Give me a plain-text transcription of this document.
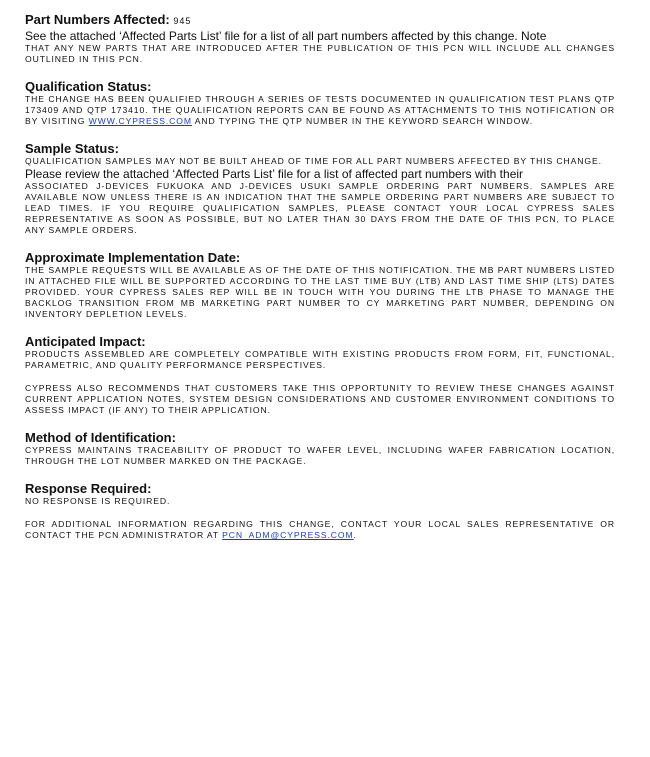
Part Numbers Affected: 945

See the attached ‘Affected Parts List’ file for a list of all part numbers affected by this change. Note

THAT ANY NEW PARTS THAT ARE INTRODUCED AFTER THE PUBLICATION OF THIS PCN WILL INCLUDE ALL CHANGES OUTLINED IN THIS PCN.

Qualification Status:

THE CHANGE HAS BEEN QUALIFIED THROUGH A SERIES OF TESTS DOCUMENTED IN QUALIFICATION TEST PLANS QTP 173409 AND QTP 173410. THE QUALIFICATION REPORTS CAN BE FOUND AS ATTACHMENTS TO THIS NOTIFICATION OR BY VISITING WWW.CYPRESS.COM AND TYPING THE QTP NUMBER IN THE KEYWORD SEARCH WINDOW.

Sample Status:

QUALIFICATION SAMPLES MAY NOT BE BUILT AHEAD OF TIME FOR ALL PART NUMBERS AFFECTED BY THIS CHANGE.

Please review the attached ‘Affected Parts List’ file for a list of affected part numbers with their

ASSOCIATED J-DEVICES FUKUOKA AND J-DEVICES USUKI SAMPLE ORDERING PART NUMBERS. SAMPLES ARE AVAILABLE NOW UNLESS THERE IS AN INDICATION THAT THE SAMPLE ORDERING PART NUMBERS ARE SUBJECT TO LEAD TIMES. IF YOU REQUIRE QUALIFICATION SAMPLES, PLEASE CONTACT YOUR LOCAL CYPRESS SALES REPRESENTATIVE AS SOON AS POSSIBLE, BUT NO LATER THAN 30 DAYS FROM THE DATE OF THIS PCN, TO PLACE ANY SAMPLE ORDERS.

Approximate Implementation Date:

THE SAMPLE REQUESTS WILL BE AVAILABLE AS OF THE DATE OF THIS NOTIFICATION. THE MB PART NUMBERS LISTED IN ATTACHED FILE WILL BE SUPPORTED ACCORDING TO THE LAST TIME BUY (LTB) AND LAST TIME SHIP (LTS) DATES PROVIDED. YOUR CYPRESS SALES REP WILL BE IN TOUCH WITH YOU DURING THE LTB PHASE TO MANAGE THE BACKLOG TRANSITION FROM MB MARKETING PART NUMBER TO CY MARKETING PART NUMBER, DEPENDING ON INVENTORY DEPLETION LEVELS.

Anticipated Impact:

PRODUCTS ASSEMBLED ARE COMPLETELY COMPATIBLE WITH EXISTING PRODUCTS FROM FORM, FIT, FUNCTIONAL, PARAMETRIC, AND QUALITY PERFORMANCE PERSPECTIVES.

CYPRESS ALSO RECOMMENDS THAT CUSTOMERS TAKE THIS OPPORTUNITY TO REVIEW THESE CHANGES AGAINST CURRENT APPLICATION NOTES, SYSTEM DESIGN CONSIDERATIONS AND CUSTOMER ENVIRONMENT CONDITIONS TO ASSESS IMPACT (IF ANY) TO THEIR APPLICATION.

Method of Identification:

CYPRESS MAINTAINS TRACEABILITY OF PRODUCT TO WAFER LEVEL, INCLUDING WAFER FABRICATION LOCATION, THROUGH THE LOT NUMBER MARKED ON THE PACKAGE.

Response Required:

NO RESPONSE IS REQUIRED.

FOR ADDITIONAL INFORMATION REGARDING THIS CHANGE, CONTACT YOUR LOCAL SALES REPRESENTATIVE OR CONTACT THE PCN ADMINISTRATOR AT PCN_ADM@CYPRESS.COM.
